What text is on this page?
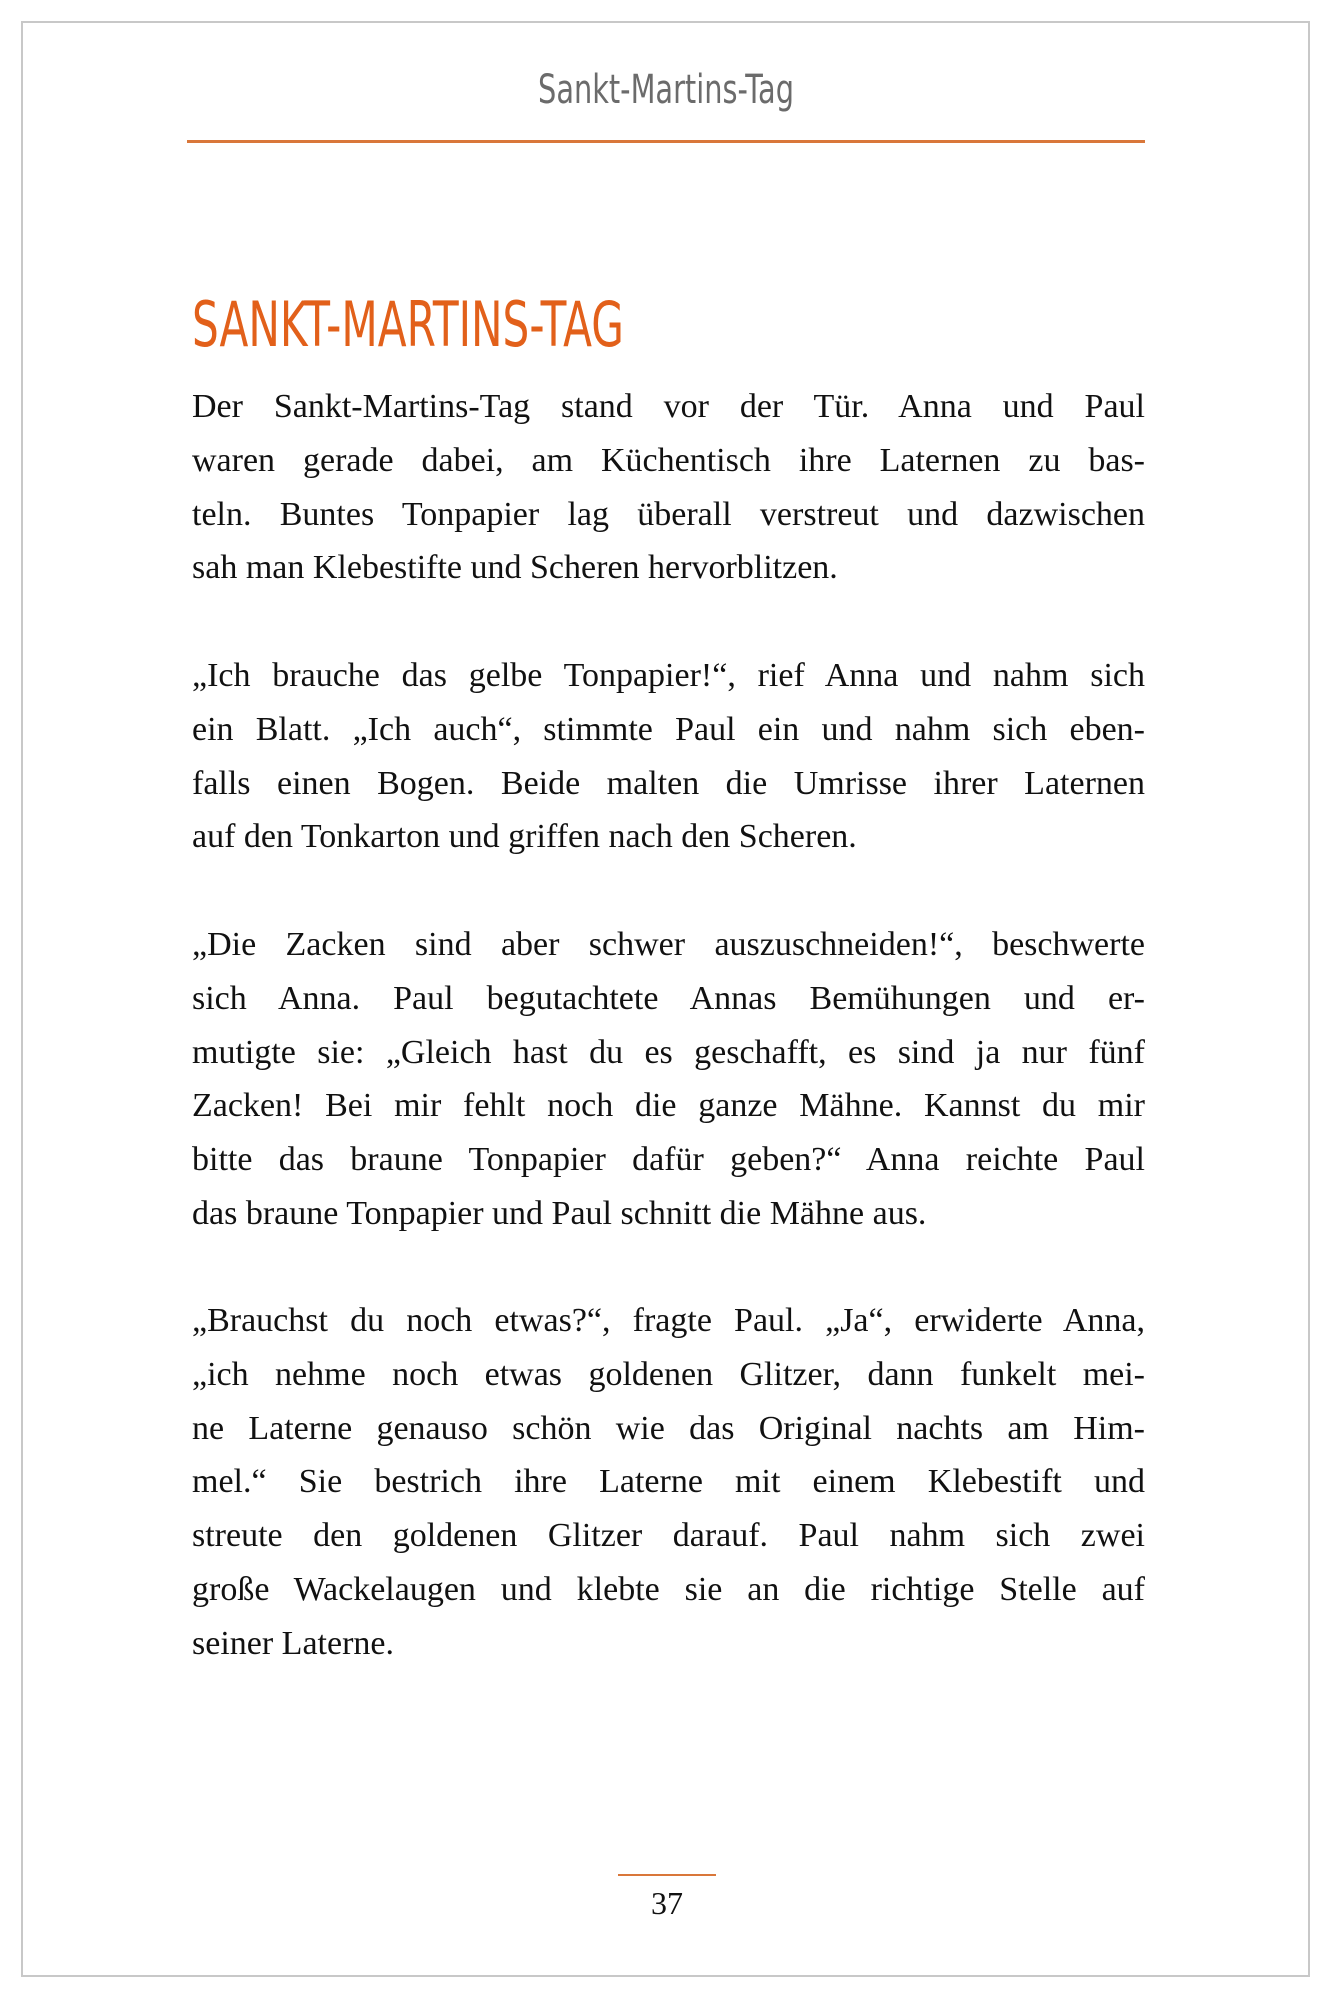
Sankt-Martins-Tag
SANKT-MARTINS-TAG
Der Sankt-Martins-Tag stand vor der Tür. Anna und Paul
waren gerade dabei, am Küchentisch ihre Laternen zu bas-
teln. Buntes Tonpapier lag überall verstreut und dazwischen
sah man Klebestifte und Scheren hervorblitzen.
„Ich brauche das gelbe Tonpapier!“, rief Anna und nahm sich
ein Blatt. „Ich auch“, stimmte Paul ein und nahm sich eben-
falls einen Bogen. Beide malten die Umrisse ihrer Laternen
auf den Tonkarton und griffen nach den Scheren.
„Die Zacken sind aber schwer auszuschneiden!“, beschwerte
sich Anna. Paul begutachtete Annas Bemühungen und er-
mutigte sie: „Gleich hast du es geschafft, es sind ja nur fünf
Zacken! Bei mir fehlt noch die ganze Mähne. Kannst du mir
bitte das braune Tonpapier dafür geben?“ Anna reichte Paul
das braune Tonpapier und Paul schnitt die Mähne aus.
„Brauchst du noch etwas?“, fragte Paul. „Ja“, erwiderte Anna,
„ich nehme noch etwas goldenen Glitzer, dann funkelt mei-
ne Laterne genauso schön wie das Original nachts am Him-
mel.“ Sie bestrich ihre Laterne mit einem Klebestift und
streute den goldenen Glitzer darauf. Paul nahm sich zwei
große Wackelaugen und klebte sie an die richtige Stelle auf
seiner Laterne.
37
